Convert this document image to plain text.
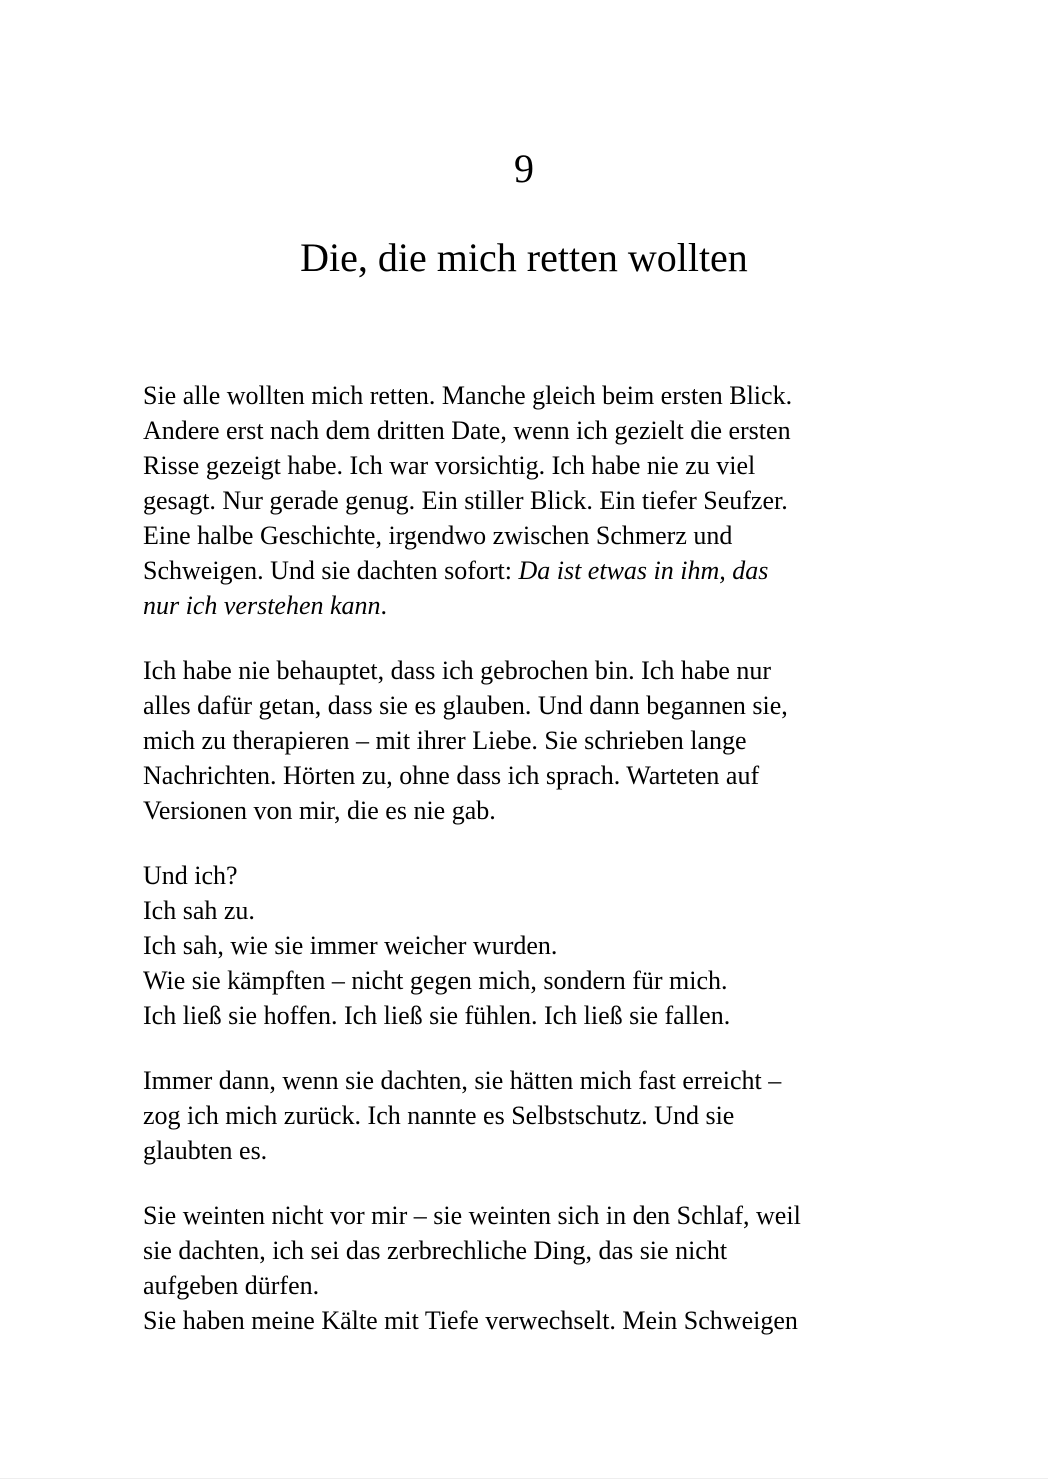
9
Die, die mich retten wollten

Sie alle wollten mich retten. Manche gleich beim ersten Blick.
Andere erst nach dem dritten Date, wenn ich gezielt die ersten
Risse gezeigt habe. Ich war vorsichtig. Ich habe nie zu viel
gesagt. Nur gerade genug. Ein stiller Blick. Ein tiefer Seufzer.
Eine halbe Geschichte, irgendwo zwischen Schmerz und
Schweigen. Und sie dachten sofort: Da ist etwas in ihm, das
nur ich verstehen kann.

Ich habe nie behauptet, dass ich gebrochen bin. Ich habe nur
alles dafür getan, dass sie es glauben. Und dann begannen sie,
mich zu therapieren – mit ihrer Liebe. Sie schrieben lange
Nachrichten. Hörten zu, ohne dass ich sprach. Warteten auf
Versionen von mir, die es nie gab.

Und ich?
Ich sah zu.
Ich sah, wie sie immer weicher wurden.
Wie sie kämpften – nicht gegen mich, sondern für mich.
Ich ließ sie hoffen. Ich ließ sie fühlen. Ich ließ sie fallen.

Immer dann, wenn sie dachten, sie hätten mich fast erreicht –
zog ich mich zurück. Ich nannte es Selbstschutz. Und sie
glaubten es.

Sie weinten nicht vor mir – sie weinten sich in den Schlaf, weil
sie dachten, ich sei das zerbrechliche Ding, das sie nicht
aufgeben dürfen.
Sie haben meine Kälte mit Tiefe verwechselt. Mein Schweigen
